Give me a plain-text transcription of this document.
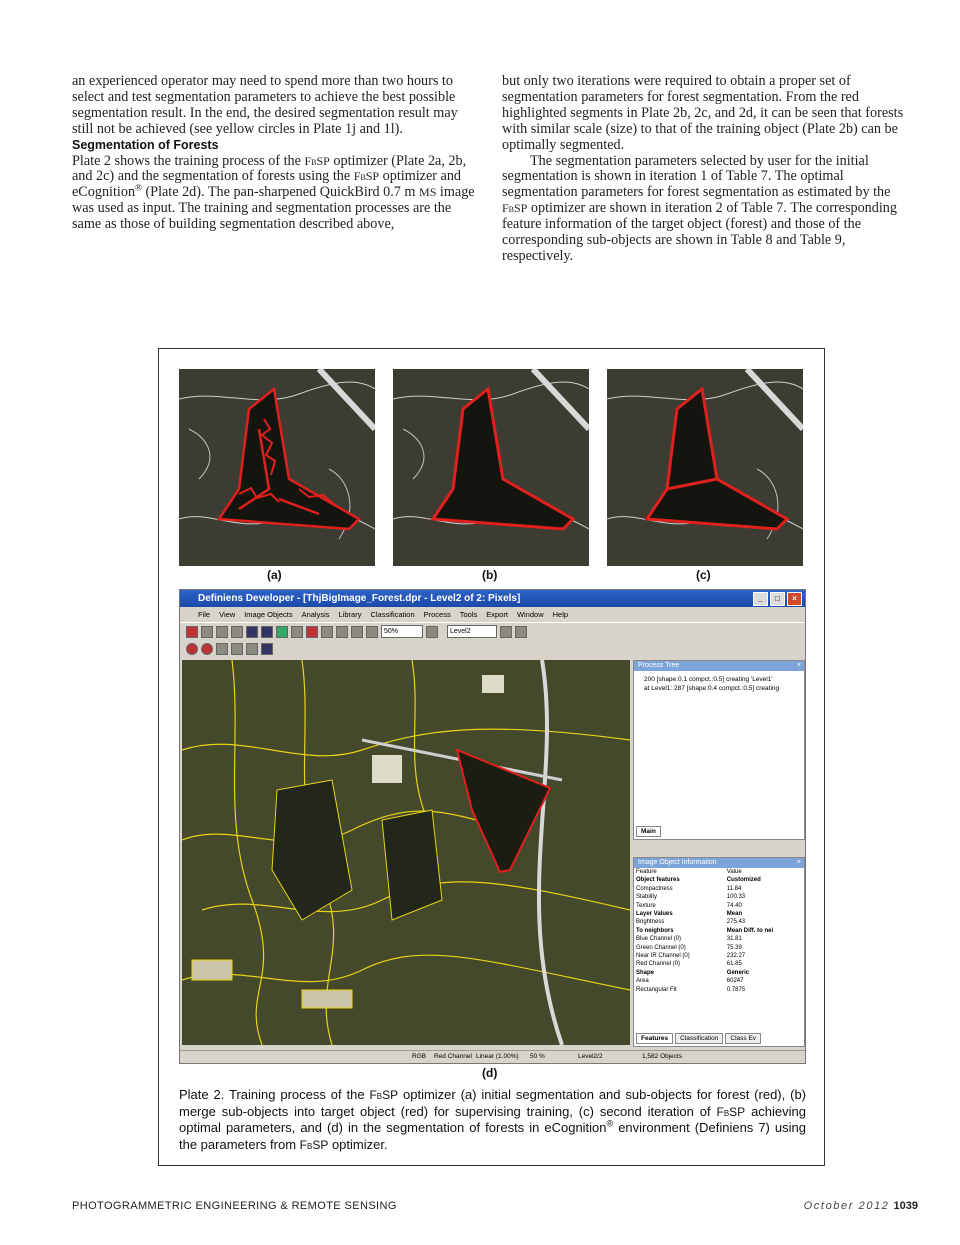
an experienced operator may need to spend more than two hours to select and test segmentation parameters to achieve the best possible segmentation result. In the end, the desired segmentation result may still not be achieved (see yellow circles in Plate 1j and 1l).

Segmentation of Forests

Plate 2 shows the training process of the FbSP optimizer (Plate 2a, 2b, and 2c) and the segmentation of forests using the FbSP optimizer and eCognition® (Plate 2d). The pan-sharpened QuickBird 0.7 m MS image was used as input. The training and segmentation processes are the same as those of building segmentation described above,

but only two iterations were required to obtain a proper set of segmentation parameters for forest segmentation. From the red highlighted segments in Plate 2b, 2c, and 2d, it can be seen that forests with similar scale (size) to that of the training object (Plate 2b) can be optimally segmented.

The segmentation parameters selected by user for the initial segmentation is shown in iteration 1 of Table 7. The optimal segmentation parameters for forest segmentation as estimated by the FbSP optimizer are shown in iteration 2 of Table 7. The corresponding feature information of the target object (forest) and those of the corresponding sub-objects are shown in Table 8 and Table 9, respectively.

(a)	(b)	(c)
Definiens Developer - [ThjBigImage_Forest.dpr - Level2 of 2: Pixels]	_	□	×
File View Image Objects Analysis Library Classification Process Tools Export Window Help
50%	Level2
Process Tree	×
200 [shape:0.1 compct.:0.5] creating 'Level1'
at Level1: 287 [shape:0.4 compct.:0.5] creating
Main
Image Object Information	×
Feature	Value
Object features	Customized
Compactness	11.84
Stability	100.33
Texture	74.40
Layer Values	Mean
Brightness	275.43
To neighbors	Mean Diff. to nei
Blue Channel (0)	31.81
Green Channel (0)	75.39
Near IR Channel (0)	232.27
Red Channel (0)	61.85
Shape	Generic
Area	60247
Rectangular Fit	0.7875
Features	Classification	Class Ev
RGB Red Channel Linear (1.00%) 50 %	Level2/2	1,582 Objects
(d)
Plate 2. Training process of the FbSP optimizer (a) initial segmentation and sub-objects for forest (red), (b) merge sub-objects into target object (red) for supervising training, (c) second iteration of FbSP achieving optimal parameters, and (d) in the segmentation of forests in eCognition® environment (Definiens 7) using the parameters from FbSP optimizer.
PHOTOGRAMMETRIC ENGINEERING & REMOTE SENSING	October 2012 1039
